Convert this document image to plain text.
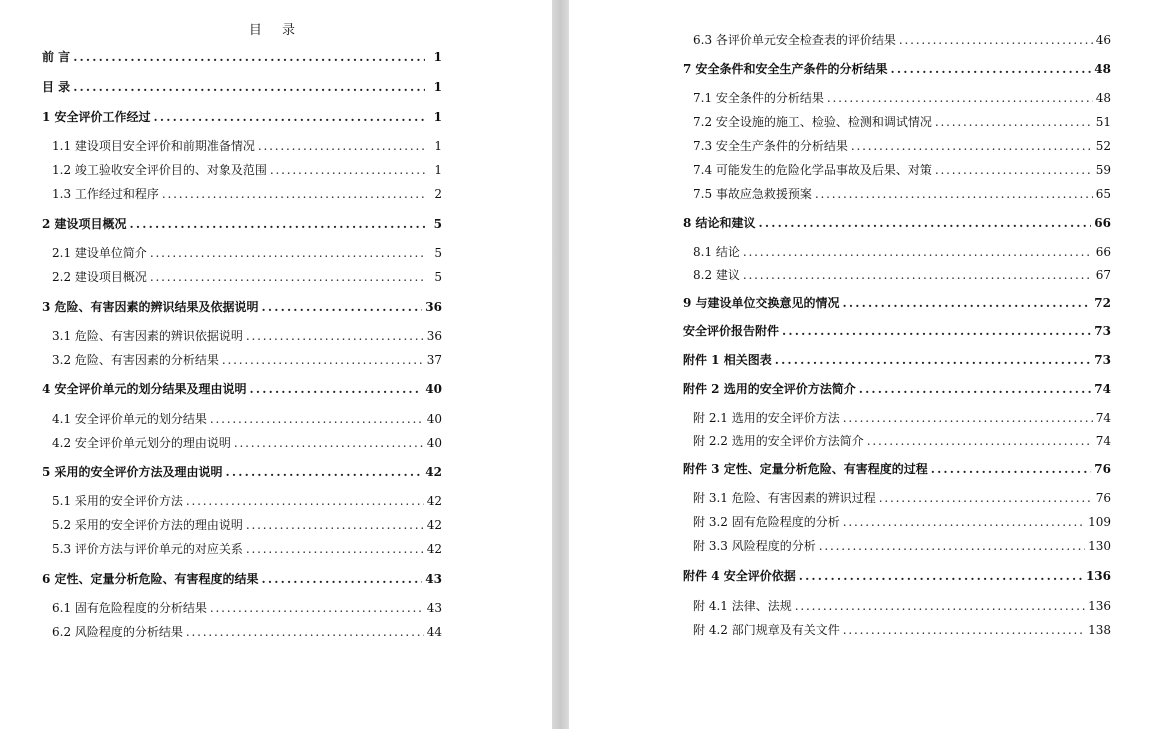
目 录
前 言 . . .	1
目 录 . . .	1
1 安全评价工作经过 . . .	1
1.1 建设项目安全评价和前期准备情况 . . .	1
1.2 竣工验收安全评价目的、对象及范围 . . .	1
1.3 工作经过和程序 . . .	2
2 建设项目概况 . . .	5
2.1 建设单位简介 . . .	5
2.2 建设项目概况 . . .	5
3 危险、有害因素的辨识结果及依据说明 . . .	36
3.1 危险、有害因素的辨识依据说明 . . .	36
3.2 危险、有害因素的分析结果 . . .	37
4 安全评价单元的划分结果及理由说明 . . .	40
4.1 安全评价单元的划分结果 . . .	40
4.2 安全评价单元划分的理由说明 . . .	40
5 采用的安全评价方法及理由说明 . . .	42
5.1 采用的安全评价方法 . . .	42
5.2 采用的安全评价方法的理由说明 . . .	42
5.3 评价方法与评价单元的对应关系 . . .	42
6 定性、定量分析危险、有害程度的结果 . . .	43
6.1 固有危险程度的分析结果 . . .	43
6.2 风险程度的分析结果 . . .	44
6.3 各评价单元安全检查表的评价结果 . . .	46
7 安全条件和安全生产条件的分析结果 . . .	48
7.1 安全条件的分析结果 . . .	48
7.2 安全设施的施工、检验、检测和调试情况 . . .	51
7.3 安全生产条件的分析结果 . . .	52
7.4 可能发生的危险化学品事故及后果、对策 . . .	59
7.5 事故应急救援预案 . . .	65
8 结论和建议 . . .	66
8.1 结论 . . .	66
8.2 建议 . . .	67
9 与建设单位交换意见的情况 . . .	72
安全评价报告附件 . . .	73
附件 1 相关图表 . . .	73
附件 2 选用的安全评价方法简介 . . .	74
附 2.1 选用的安全评价方法 . . .	74
附 2.2 选用的安全评价方法简介 . . .	74
附件 3 定性、定量分析危险、有害程度的过程 . . .	76
附 3.1 危险、有害因素的辨识过程 . . .	76
附 3.2 固有危险程度的分析 . . .	109
附 3.3 风险程度的分析 . . .	130
附件 4 安全评价依据 . . .	136
附 4.1 法律、法规 . . .	136
附 4.2 部门规章及有关文件 . . .	138
